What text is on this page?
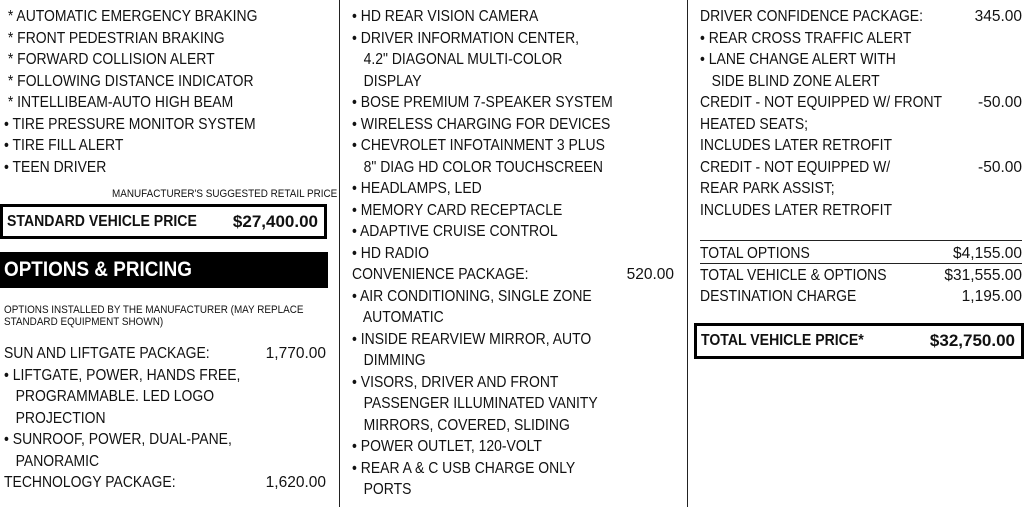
* AUTOMATIC EMERGENCY BRAKING
* FRONT PEDESTRIAN BRAKING
* FORWARD COLLISION ALERT
* FOLLOWING DISTANCE INDICATOR
* INTELLIBEAM-AUTO HIGH BEAM
• TIRE PRESSURE MONITOR SYSTEM
• TIRE FILL ALERT
• TEEN DRIVER
MANUFACTURER'S SUGGESTED RETAIL PRICE
STANDARD VEHICLE PRICE $27,400.00
OPTIONS & PRICING
OPTIONS INSTALLED BY THE MANUFACTURER (MAY REPLACE
STANDARD EQUIPMENT SHOWN)
SUN AND LIFTGATE PACKAGE:	1,770.00
• LIFTGATE, POWER, HANDS FREE,
PROGRAMMABLE. LED LOGO
PROJECTION
• SUNROOF, POWER, DUAL-PANE,
PANORAMIC
TECHNOLOGY PACKAGE:	1,620.00
• HD REAR VISION CAMERA
• DRIVER INFORMATION CENTER,
4.2" DIAGONAL MULTI-COLOR
DISPLAY
• BOSE PREMIUM 7-SPEAKER SYSTEM
• WIRELESS CHARGING FOR DEVICES
• CHEVROLET INFOTAINMENT 3 PLUS
8" DIAG HD COLOR TOUCHSCREEN
• HEADLAMPS, LED
• MEMORY CARD RECEPTACLE
• ADAPTIVE CRUISE CONTROL
• HD RADIO
CONVENIENCE PACKAGE:	520.00
• AIR CONDITIONING, SINGLE ZONE
AUTOMATIC
• INSIDE REARVIEW MIRROR, AUTO
DIMMING
• VISORS, DRIVER AND FRONT
PASSENGER ILLUMINATED VANITY
MIRRORS, COVERED, SLIDING
• POWER OUTLET, 120-VOLT
• REAR A & C USB CHARGE ONLY
PORTS
DRIVER CONFIDENCE PACKAGE:	345.00
• REAR CROSS TRAFFIC ALERT
• LANE CHANGE ALERT WITH
SIDE BLIND ZONE ALERT
CREDIT - NOT EQUIPPED W/ FRONT -50.00
HEATED SEATS;
INCLUDES LATER RETROFIT
CREDIT - NOT EQUIPPED W/	-50.00
REAR PARK ASSIST;
INCLUDES LATER RETROFIT
TOTAL OPTIONS	$4,155.00
TOTAL VEHICLE & OPTIONS	$31,555.00
DESTINATION CHARGE	1,195.00
TOTAL VEHICLE PRICE*	$32,750.00
